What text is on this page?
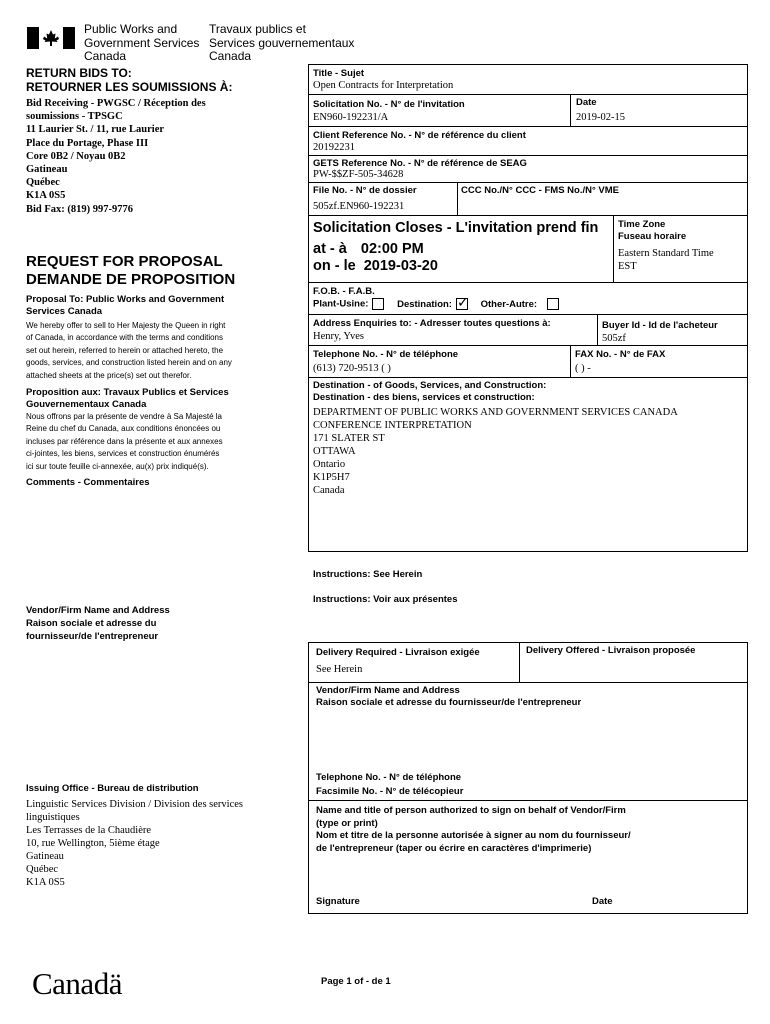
Public Works and
Government Services
Canada
Travaux publics et
Services gouvernementaux
Canada
RETURN BIDS TO:
RETOURNER LES SOUMISSIONS À:
Bid Receiving - PWGSC / Réception des
soumissions - TPSGC
11 Laurier St. / 11, rue Laurier
Place du Portage, Phase III
Core 0B2 / Noyau 0B2
Gatineau
Québec
K1A 0S5
Bid Fax: (819) 997-9776
REQUEST FOR PROPOSAL
DEMANDE DE PROPOSITION
Proposal To: Public Works and Government
Services Canada
We hereby offer to sell to Her Majesty the Queen in right
of Canada, in accordance with the terms and conditions
set out herein, referred to herein or attached hereto, the
goods, services, and construction listed herein and on any
attached sheets at the price(s) set out therefor.
Proposition aux: Travaux Publics et Services
Gouvernementaux Canada
Nous offrons par la présente de vendre à Sa Majesté la
Reine du chef du Canada, aux conditions énoncées ou
incluses par référence dans la présente et aux annexes
ci-jointes, les biens, services et construction énumérés
ici sur toute feuille ci-annexée, au(x) prix indiqué(s).
Comments - Commentaires
Vendor/Firm Name and Address
Raison sociale et adresse du
fournisseur/de l'entrepreneur
Issuing Office - Bureau de distribution
Linguistic Services Division / Division des services
linguistiques
Les Terrasses de la Chaudière
10, rue Wellington, 5ième étage
Gatineau
Québec
K1A 0S5
Canadä	Page 1 of - de 1
Title - Sujet
Open Contracts for Interpretation
Solicitation No. - N° de l'invitation
EN960-192231/A
Date
2019-02-15
Client Reference No. - N° de référence du client
20192231
GETS Reference No. - N° de référence de SEAG
PW-$$ZF-505-34628
File No. - N° de dossier
505zf.EN960-192231
CCC No./N° CCC - FMS No./N° VME
Solicitation Closes - L'invitation prend fin
at - à 02:00 PM
on - le 2019-03-20
Time Zone
Fuseau horaire
Eastern Standard Time
EST
F.O.B. - F.A.B.
Plant-Usine:	Destination:✓	Other-Autre:
Address Enquiries to: - Adresser toutes questions à:
Henry, Yves
Buyer Id - Id de l'acheteur
505zf
Telephone No. - N° de téléphone
(613) 720-9513 ( )
FAX No. - N° de FAX
( ) -
Destination - of Goods, Services, and Construction:
Destination - des biens, services et construction:
DEPARTMENT OF PUBLIC WORKS AND GOVERNMENT SERVICES CANADA
CONFERENCE INTERPRETATION
171 SLATER ST
OTTAWA
Ontario
K1P5H7
Canada
Instructions: See Herein
Instructions: Voir aux présentes
Delivery Required - Livraison exigée
See Herein
Delivery Offered - Livraison proposée
Vendor/Firm Name and Address
Raison sociale et adresse du fournisseur/de l'entrepreneur
Telephone No. - N° de téléphone
Facsimile No. - N° de télécopieur
Name and title of person authorized to sign on behalf of Vendor/Firm
(type or print)
Nom et titre de la personne autorisée à signer au nom du fournisseur/
de l'entrepreneur (taper ou écrire en caractères d'imprimerie)
Signature	Date
